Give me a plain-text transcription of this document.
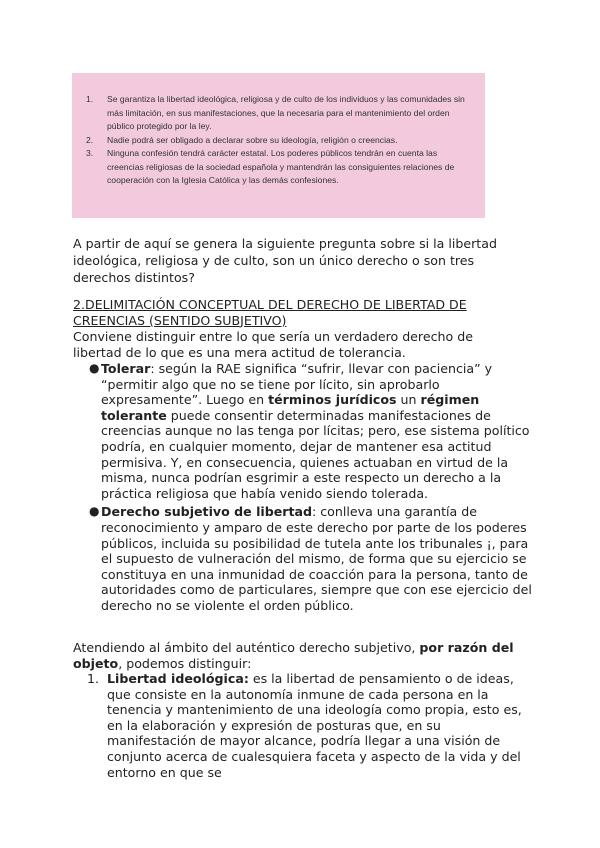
1. Se garantiza la libertad ideológica, religiosa y de culto de los individuos y las comunidades sin más limitación, en sus manifestaciones, que la necesaria para el mantenimiento del orden público protegido por la ley.
2. Nadie podrá ser obligado a declarar sobre su ideología, religión o creencias.
3. Ninguna confesión tendrá carácter estatal. Los poderes públicos tendrán en cuenta las creencias religiosas de la sociedad española y mantendrán las consiguientes relaciones de cooperación con la Iglesia Católica y las demás confesiones.

A partir de aquí se genera la siguiente pregunta sobre si la libertad ideológica, religiosa y de culto, son un único derecho o son tres derechos distintos?

2.DELIMITACIÓN CONCEPTUAL DEL DERECHO DE LIBERTAD DE CREENCIAS (SENTIDO SUBJETIVO)

Conviene distinguir entre lo que sería un verdadero derecho de libertad de lo que es una mera actitud de tolerancia.

● Tolerar: según la RAE significa “sufrir, llevar con paciencia” y “permitir algo que no se tiene por lícito, sin aprobarlo expresamente”. Luego en términos jurídicos un régimen tolerante puede consentir determinadas manifestaciones de creencias aunque no las tenga por lícitas; pero, ese sistema político podría, en cualquier momento, dejar de mantener esa actitud permisiva. Y, en consecuencia, quienes actuaban en virtud de la misma, nunca podrían esgrimir a este respecto un derecho a la práctica religiosa que había venido siendo tolerada.
● Derecho subjetivo de libertad: conlleva una garantía de reconocimiento y amparo de este derecho por parte de los poderes públicos, incluida su posibilidad de tutela ante los tribunales ¡, para el supuesto de vulneración del mismo, de forma que su ejercicio se constituya en una inmunidad de coacción para la persona, tanto de autoridades como de particulares, siempre que con ese ejercicio del derecho no se violente el orden público.

Atendiendo al ámbito del auténtico derecho subjetivo, por razón del objeto, podemos distinguir:

1. Libertad ideológica: es la libertad de pensamiento o de ideas, que consiste en la autonomía inmune de cada persona en la tenencia y mantenimiento de una ideología como propia, esto es, en la elaboración y expresión de posturas que, en su manifestación de mayor alcance, podría llegar a una visión de conjunto acerca de cualesquiera faceta y aspecto de la vida y del entorno en que se
